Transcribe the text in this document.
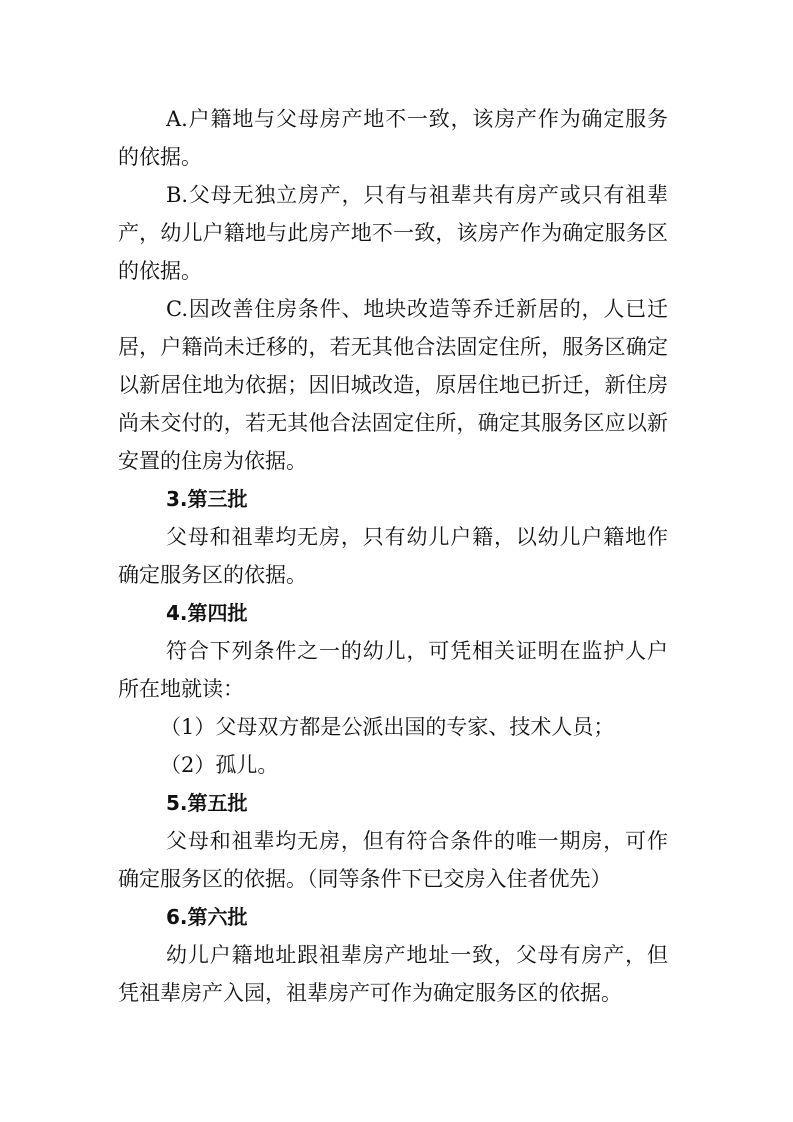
A.户籍地与父母房产地不一致，该房产作为确定服务
的依据。
B.父母无独立房产，只有与祖辈共有房产或只有祖辈
产，幼儿户籍地与此房产地不一致，该房产作为确定服务区
的依据。
C.因改善住房条件、地块改造等乔迁新居的，人已迁
居，户籍尚未迁移的，若无其他合法固定住所，服务区确定
以新居住地为依据；因旧城改造，原居住地已折迁，新住房
尚未交付的，若无其他合法固定住所，确定其服务区应以新
安置的住房为依据。
3.第三批
父母和祖辈均无房，只有幼儿户籍，以幼儿户籍地作
确定服务区的依据。
4.第四批
符合下列条件之一的幼儿，可凭相关证明在监护人户
所在地就读：
（1）父母双方都是公派出国的专家、技术人员；
（2）孤儿。
5.第五批
父母和祖辈均无房，但有符合条件的唯一期房，可作
确定服务区的依据。（同等条件下已交房入住者优先）
6.第六批
幼儿户籍地址跟祖辈房产地址一致，父母有房产，但
凭祖辈房产入园，祖辈房产可作为确定服务区的依据。
